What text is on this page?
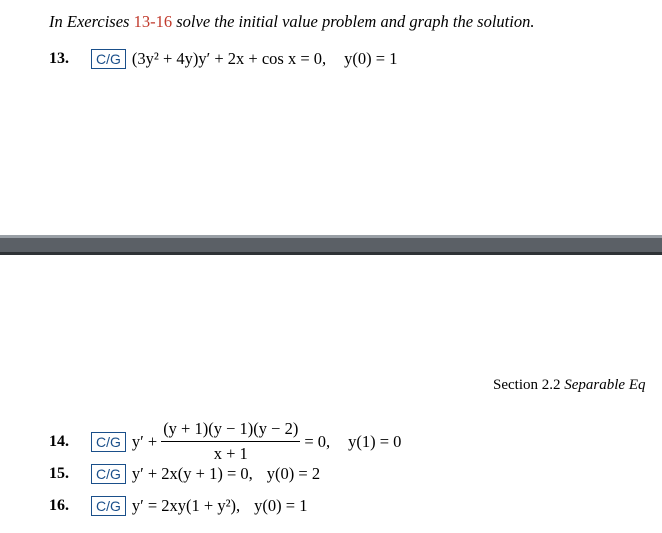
In Exercises 13-16 solve the initial value problem and graph the solution.
13.	C/G (3y² + 4y)y′ + 2x + cos x = 0, y(0) = 1
Section 2.2 Separable Eq
14.	C/G $y' + \frac{(y + 1)(y - 1)(y - 2)}{x + 1} = 0$, y(1) = 0
15.	C/G y′ + 2x(y + 1) = 0, y(0) = 2
16.	C/G y′ = 2xy(1 + y²), y(0) = 1
